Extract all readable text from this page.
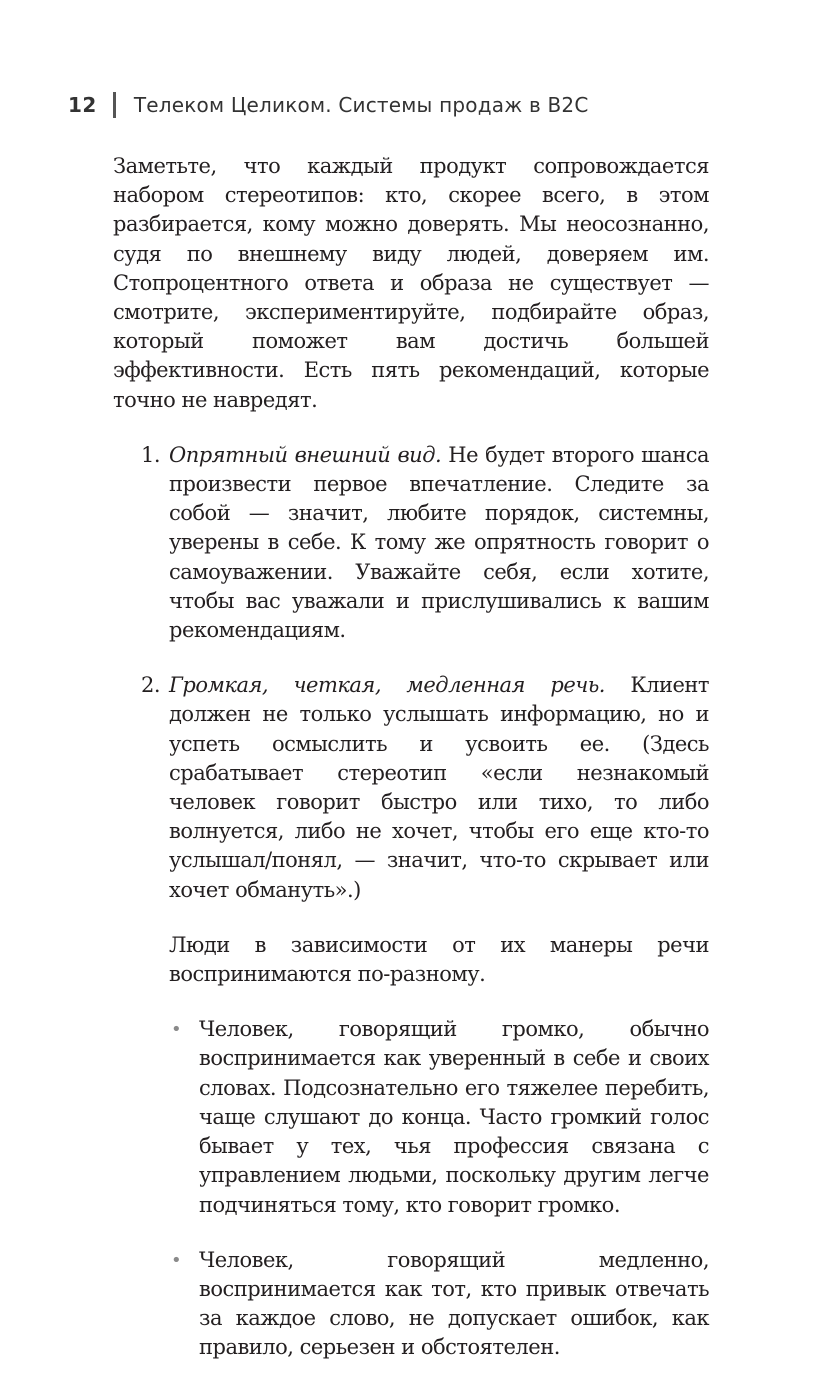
12 Телеком Целиком. Системы продаж в B2C

Заметьте, что каждый продукт сопровождается набором стереотипов: кто, скорее всего, в этом разбирается, кому можно доверять. Мы неосознанно, судя по внешнему виду людей, доверяем им. Стопроцентного ответа и образа не существует — смотрите, экспериментируйте, подбирайте образ, который поможет вам достичь большей эффективности. Есть пять рекомендаций, которые точно не навредят.

1. Опрятный внешний вид. Не будет второго шанса произвести первое впечатление. Следите за собой — значит, любите порядок, системны, уверены в себе. К тому же опрятность говорит о самоуважении. Уважайте себя, если хотите, чтобы вас уважали и прислушивались к вашим рекомендациям.

2. Громкая, четкая, медленная речь. Клиент должен не только услышать информацию, но и успеть осмыслить и усвоить ее. (Здесь срабатывает стереотип «если незнакомый человек говорит быстро или тихо, то либо волнуется, либо не хочет, чтобы его еще кто-то услышал/понял, — значит, что-то скрывает или хочет обмануть».)

Люди в зависимости от их манеры речи воспринимаются по-разному.

• Человек, говорящий громко, обычно воспринимается как уверенный в себе и своих словах. Подсознательно его тяжелее перебить, чаще слушают до конца. Часто громкий голос бывает у тех, чья профессия связана с управлением людьми, поскольку другим легче подчиняться тому, кто говорит громко.

• Человек, говорящий медленно, воспринимается как тот, кто привык отвечать за каждое слово, не допускает ошибок, как правило, серьезен и обстоятелен.
